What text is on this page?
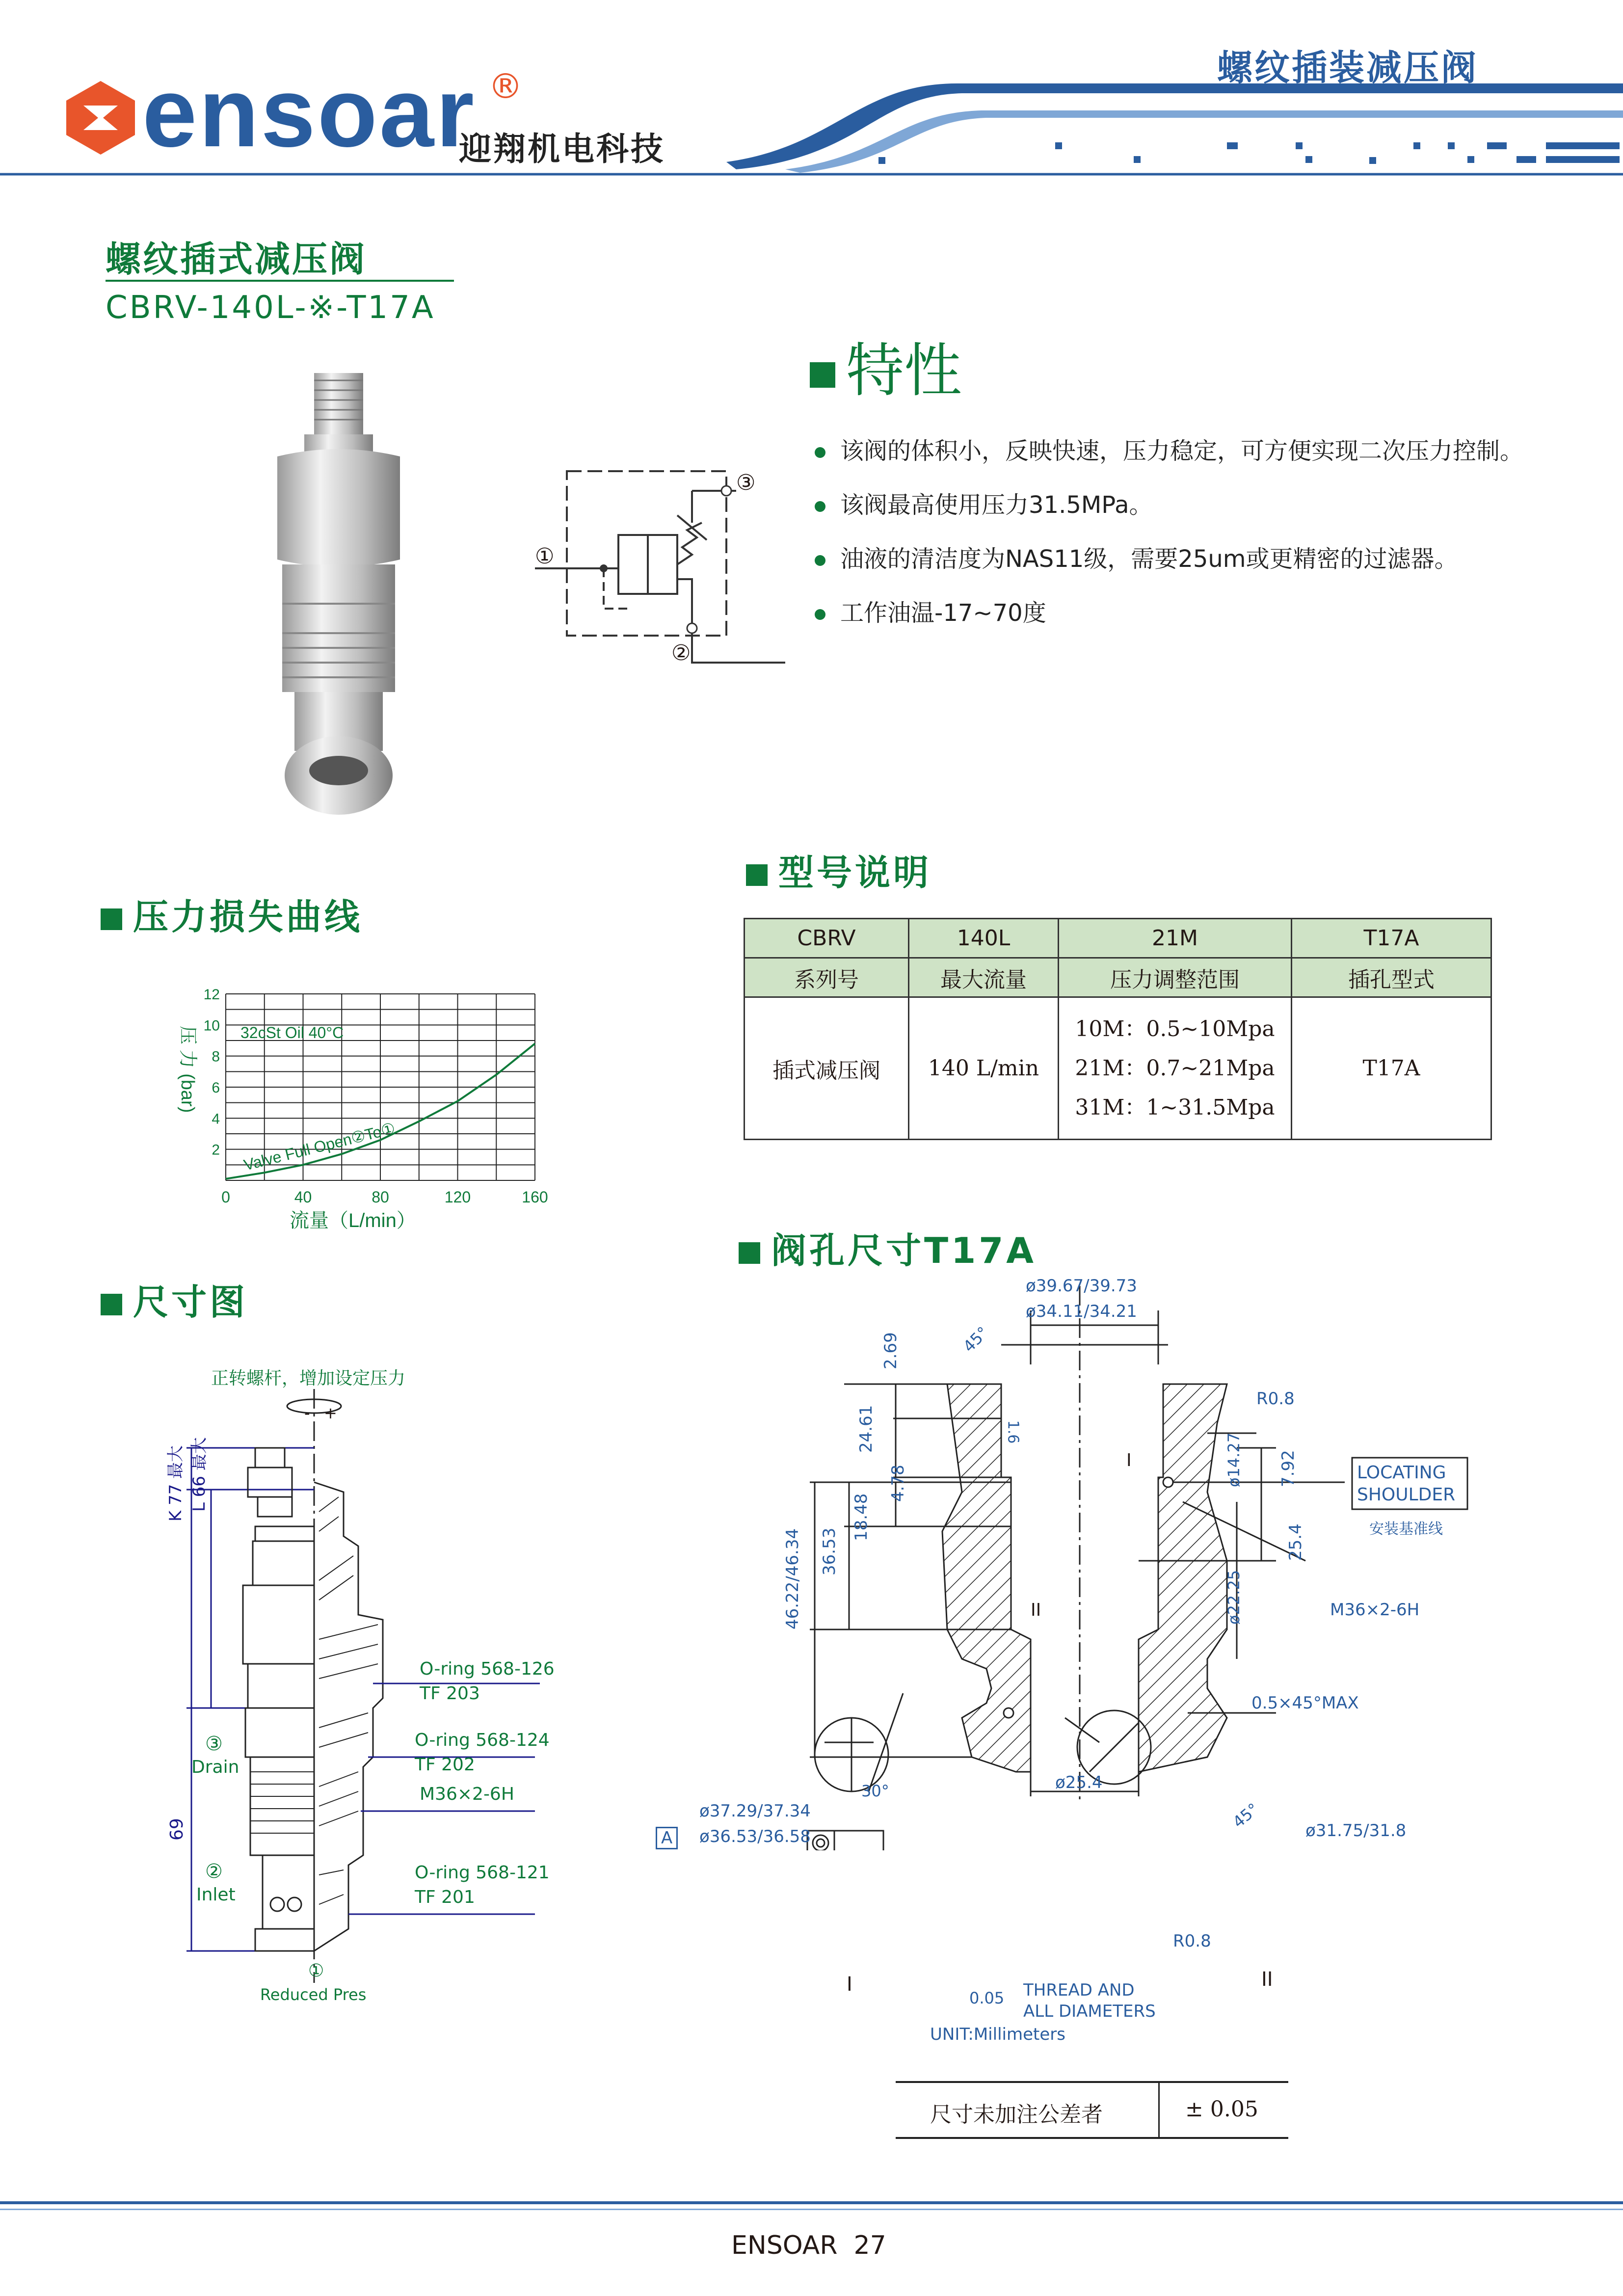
ensoar ®
迎翔机电科技
螺纹插装减压阀
螺纹插式减压阀
CBRV-140L-※-T17A
③
①
②
特性
该阀的体积小，反映快速，压力稳定，可方便实现二次压力控制。
该阀最高使用压力31.5MPa。
油液的清洁度为NAS11级，需要25um或更精密的过滤器。
工作油温-17~70度
型号说明
CBRV	140L	21M	T17A
系列号	最大流量	压力调整范围	插孔型式
插式减压阀	140 L/min	10M：0.5~10Mpa
21M：0.7~21Mpa
31M：1~31.5Mpa	T17A
压力损失曲线
0	40	80	120	160
2
4
6
8
10
12
32cSt Oil 40°C
Valve Full Open②To①
流量（L/min）
压 力 (bar)
尺寸图
正转螺杆，增加设定压力
- +
K 77 最大 L 66 最大
69
③
Drain
②
Inlet
①
Reduced Pres
O-ring 568-126
TF 203
O-ring 568-124
TF 202
M36×2-6H
O-ring 568-121
TF 201
阀孔尺寸T17A
ø39.67/39.73
ø34.11/34.21
2.69
24.61
4.78
18.48
36.53
46.22/46.34
45°
R0.8
ø14.27 7.92
25.4
ø22.25	M36×2-6H
0.5×45°MAX
ø25.4
1.6
I
II
LOCATING
SHOULDER
安装基准线
ø37.29/37.34
A	ø36.53/36.58
30°
45°	ø31.75/31.8
R0.8
I	II
0.05 THREAD AND
ALL DIAMETERS
UNIT:Millimeters
尺寸未加注公差者	± 0.05
ENSOAR  27
